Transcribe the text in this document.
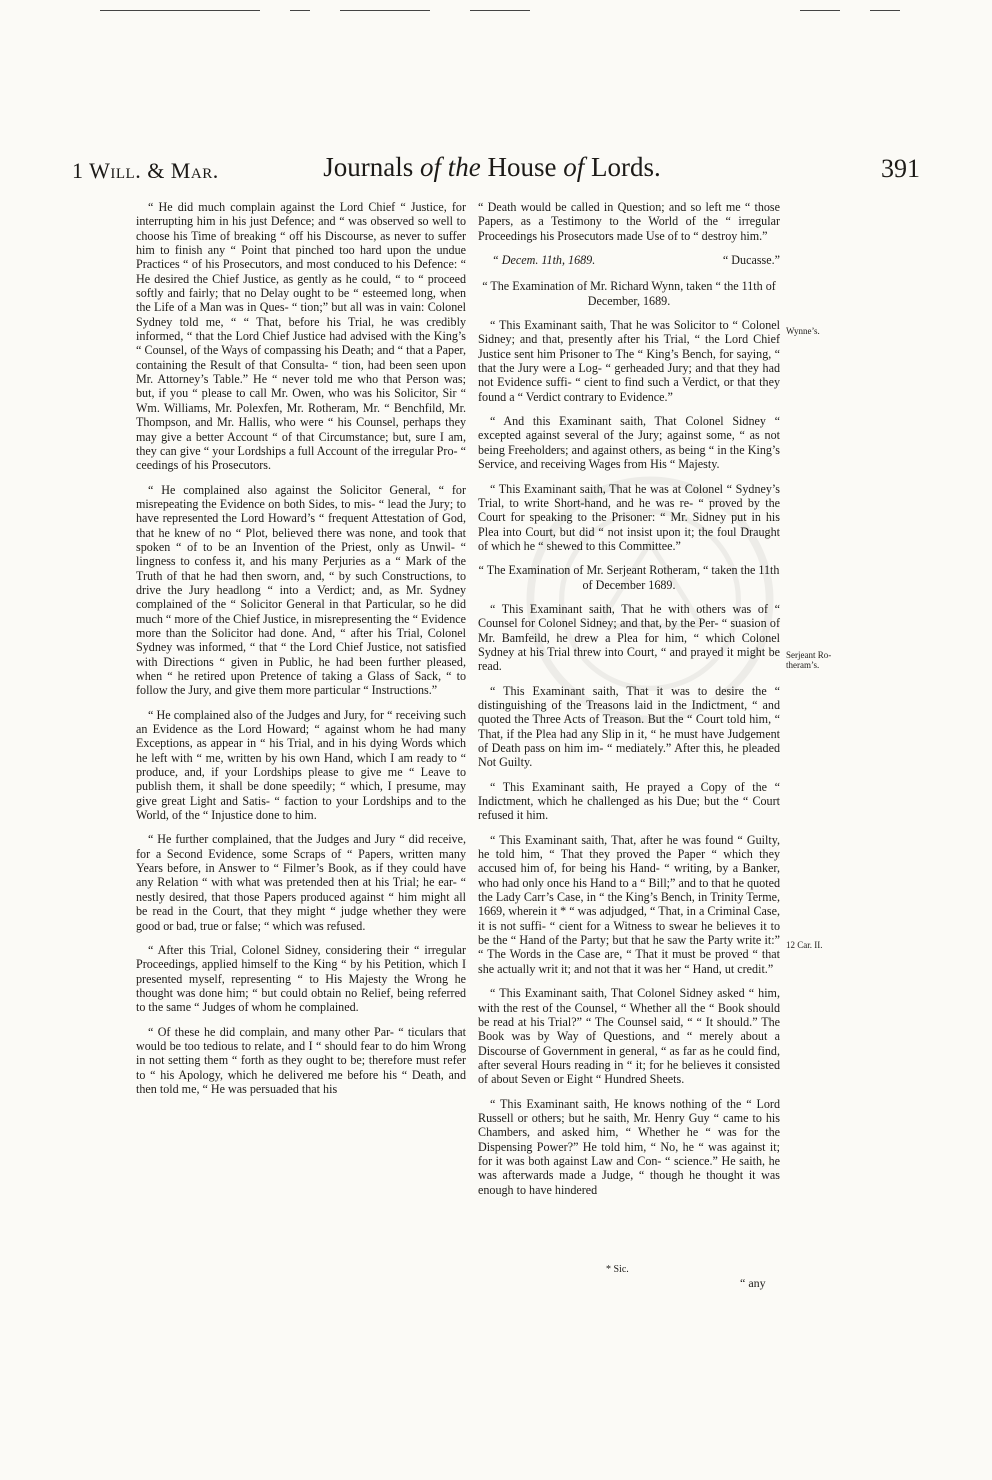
1 Will. & Mar.	Journals of the House of Lords.	391

“ He did much complain against the Lord Chief “ Justice, for interrupting him in his just Defence; and “ was observed so well to choose his Time of breaking “ off his Discourse, as never to suffer him to finish any “ Point that pinched too hard upon the undue Practices “ of his Prosecutors, and most conduced to his Defence: “ He desired the Chief Justice, as gently as he could, “ to “ proceed softly and fairly; that no Delay ought to be “ esteemed long, when the Life of a Man was in Ques- “ tion;” but all was in vain: Colonel Sydney told me, “ “ That, before his Trial, he was credibly informed, “ that the Lord Chief Justice had advised with the King’s “ Counsel, of the Ways of compassing his Death; and “ that a Paper, containing the Result of that Consulta- “ tion, had been seen upon Mr. Attorney’s Table.” He “ never told me who that Person was; but, if you “ please to call Mr. Owen, who was his Solicitor, Sir “ Wm. Williams, Mr. Polexfen, Mr. Rotheram, Mr. “ Benchfild, Mr. Thompson, and Mr. Hallis, who were “ his Counsel, perhaps they may give a better Account “ of that Circumstance; but, sure I am, they can give “ your Lordships a full Account of the irregular Pro- “ ceedings of his Prosecutors.

“ He complained also against the Solicitor General, “ for misrepeating the Evidence on both Sides, to mis- “ lead the Jury; to have represented the Lord Howard’s “ frequent Attestation of God, that he knew of no “ Plot, believed there was none, and took that spoken “ of to be an Invention of the Priest, only as Unwil- “ lingness to confess it, and his many Perjuries as a “ Mark of the Truth of that he had then sworn, and, “ by such Constructions, to drive the Jury headlong “ into a Verdict; and, as Mr. Sydney complained of the “ Solicitor General in that Particular, so he did much “ more of the Chief Justice, in misrepresenting the “ Evidence more than the Solicitor had done. And, “ after his Trial, Colonel Sydney was informed, “ that “ the Lord Chief Justice, not satisfied with Directions “ given in Public, he had been further pleased, when “ he retired upon Pretence of taking a Glass of Sack, “ to follow the Jury, and give them more particular “ Instructions.”

“ He complained also of the Judges and Jury, for “ receiving such an Evidence as the Lord Howard; “ against whom he had many Exceptions, as appear in “ his Trial, and in his dying Words which he left with “ me, written by his own Hand, which I am ready to “ produce, and, if your Lordships please to give me “ Leave to publish them, it shall be done speedily; “ which, I presume, may give great Light and Satis- “ faction to your Lordships and to the World, of the “ Injustice done to him.

“ He further complained, that the Judges and Jury “ did receive, for a Second Evidence, some Scraps of “ Papers, written many Years before, in Answer to “ Filmer’s Book, as if they could have any Relation “ with what was pretended then at his Trial; he ear- “ nestly desired, that those Papers produced against “ him might all be read in the Court, that they might “ judge whether they were good or bad, true or false; “ which was refused.

“ After this Trial, Colonel Sidney, considering their “ irregular Proceedings, applied himself to the King “ by his Petition, which I presented myself, representing “ to His Majesty the Wrong he thought was done him; “ but could obtain no Relief, being referred to the same “ Judges of whom he complained.

“ Of these he did complain, and many other Par- “ ticulars that would be too tedious to relate, and I “ should fear to do him Wrong in not setting them “ forth as they ought to be; therefore must refer to “ his Apology, which he delivered me before his “ Death, and then told me, “ He was persuaded that his

“ Death would be called in Question; and so left me “ those Papers, as a Testimony to the World of the “ irregular Proceedings his Prosecutors made Use of to “ destroy him.”

“ Decem. 11th, 1689.	“ Ducasse.”

“ The Examination of Mr. Richard Wynn, taken “ the 11th of December, 1689.

“ This Examinant saith, That he was Solicitor to “ Colonel Sidney; and that, presently after his Trial, “ the Lord Chief Justice sent him Prisoner to The “ King’s Bench, for saying, “ that the Jury were a Log- “ gerheaded Jury; and that they had not Evidence suffi- “ cient to find such a Verdict, or that they found a “ Verdict contrary to Evidence.”

“ And this Examinant saith, That Colonel Sidney “ excepted against several of the Jury; against some, “ as not being Freeholders; and against others, as being “ in the King’s Service, and receiving Wages from His “ Majesty.

“ This Examinant saith, That he was at Colonel “ Sydney’s Trial, to write Short-hand, and he was re- “ proved by the Court for speaking to the Prisoner: “ Mr. Sidney put in his Plea into Court, but did “ not insist upon it; the foul Draught of which he “ shewed to this Committee.”

“ The Examination of Mr. Serjeant Rotheram, “ taken the 11th of December 1689.

“ This Examinant saith, That he with others was of “ Counsel for Colonel Sidney; and that, by the Per- “ suasion of Mr. Bamfeild, he drew a Plea for him, “ which Colonel Sydney at his Trial threw into Court, “ and prayed it might be read.

“ This Examinant saith, That it was to desire the “ distinguishing of the Treasons laid in the Indictment, “ and quoted the Three Acts of Treason. But the “ Court told him, “ That, if the Plea had any Slip in it, “ he must have Judgement of Death pass on him im- “ mediately.” After this, he pleaded Not Guilty.

“ This Examinant saith, He prayed a Copy of the “ Indictment, which he challenged as his Due; but the “ Court refused it him.

“ This Examinant saith, That, after he was found “ Guilty, he told him, “ That they proved the Paper “ which they accused him of, for being his Hand- “ writing, by a Banker, who had only once his Hand to a “ Bill;” and to that he quoted the Lady Carr’s Case, in “ the King’s Bench, in Trinity Terme, 1669, wherein it * “ was adjudged, “ That, in a Criminal Case, it is not suffi- “ cient for a Witness to swear he believes it to be the “ Hand of the Party; but that he saw the Party write it:” “ The Words in the Case are, “ That it must be proved “ that she actually writ it; and not that it was her “ Hand, ut credit.”

“ This Examinant saith, That Colonel Sidney asked “ him, with the rest of the Counsel, “ Whether all the “ Book should be read at his Trial?” “ The Counsel said, “ “ It should.” The Book was by Way of Questions, and “ merely about a Discourse of Government in general, “ as far as he could find, after several Hours reading in “ it; for he believes it consisted of about Seven or Eight “ Hundred Sheets.

“ This Examinant saith, He knows nothing of the “ Lord Russell or others; but he saith, Mr. Henry Guy “ came to his Chambers, and asked him, “ Whether he “ was for the Dispensing Power?” He told him, “ No, he “ was against it; for it was both against Law and Con- “ science.” He saith, he was afterwards made a Judge, “ though he thought it was enough to have hindered

Wynne’s.
Serjeant Ro-
theram’s.
12 Car. II.
* Sic.
“ any
